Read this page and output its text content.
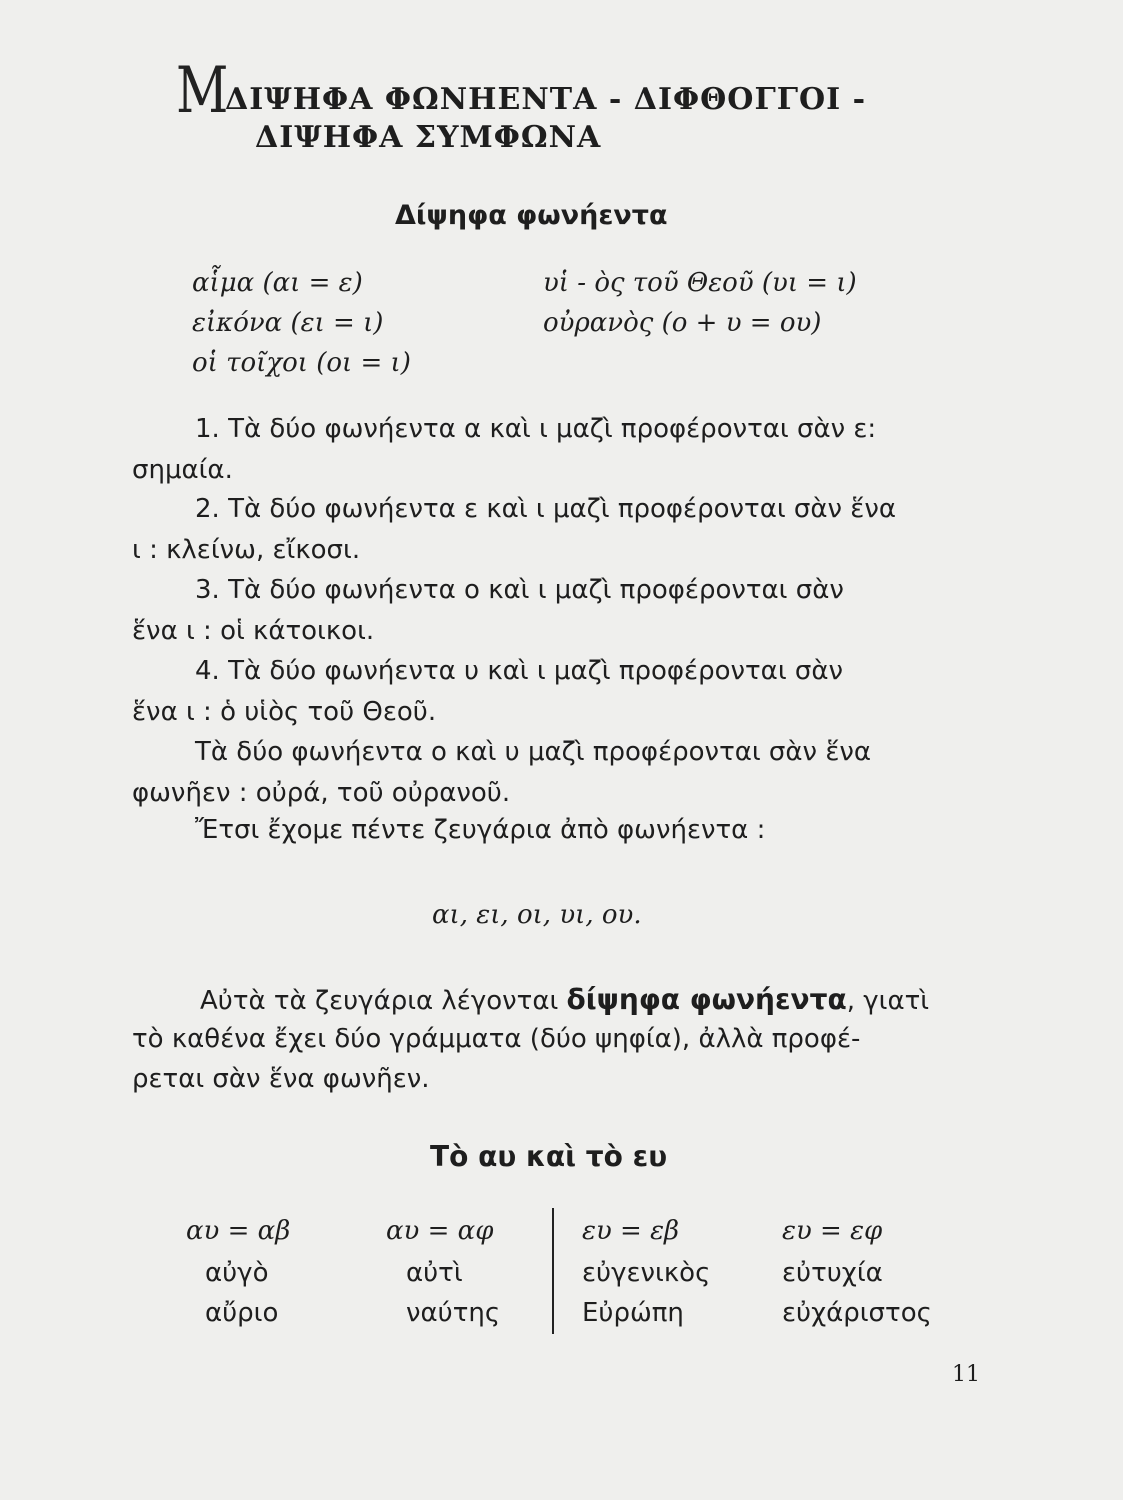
Μ
ΔΙΨΗΦΑ ΦΩΝΗΕΝΤΑ - ΔΙΦΘΟΓΓΟΙ -
ΔΙΨΗΦΑ ΣΥΜΦΩΝΑ
Δίψηφα φωνήεντα
αἷμα (αι = ε)
εἰκόνα (ει = ι)
οἱ τοῖχοι (οι = ι)
υἱ - ὸς τοῦ Θεοῦ (υι = ι)
οὐρανὸς (ο + υ = ου)
1. Τὰ δύο φωνήεντα α καὶ ι μαζὶ προφέρονται σὰν ε:
σημαία.
2. Τὰ δύο φωνήεντα ε καὶ ι μαζὶ προφέρονται σὰν ἕνα
ι : κλείνω, εἴκοσι.
3. Τὰ δύο φωνήεντα ο καὶ ι μαζὶ προφέρονται σὰν
ἕνα ι : οἱ κάτοικοι.
4. Τὰ δύο φωνήεντα υ καὶ ι μαζὶ προφέρονται σὰν
ἕνα ι : ὁ υἱὸς τοῦ Θεοῦ.
Τὰ δύο φωνήεντα ο καὶ υ μαζὶ προφέρονται σὰν ἕνα
φωνῆεν : οὐρά, τοῦ οὐρανοῦ.
Ἔτσι ἔχομε πέντε ζευγάρια ἀπὸ φωνήεντα :
αι, ει, οι, υι, ου.
Αὐτὰ τὰ ζευγάρια λέγονται δίψηφα φωνήεντα, γιατὶ
τὸ καθένα ἔχει δύο γράμματα (δύο ψηφία), ἀλλὰ προφέ-
ρεται σὰν ἕνα φωνῆεν.
Τὸ αυ καὶ τὸ ευ
αυ = αβ	αυ = αφ	ευ = εβ	ευ = εφ
αὐγὸ	αὐτὶ	εὐγενικὸς	εὐτυχία
αὔριο	ναύτης	Εὐρώπη	εὐχάριστος
11
